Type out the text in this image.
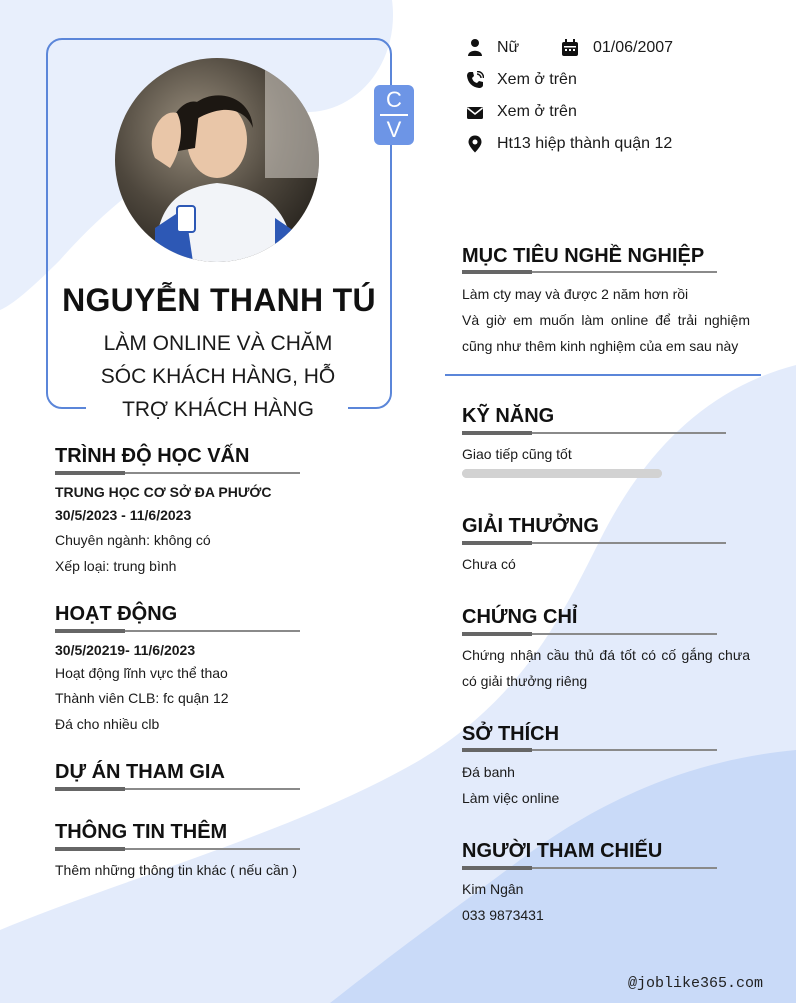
NGUYỄN THANH TÚ
LÀM ONLINE VÀ CHĂM SÓC KHÁCH HÀNG, HỖ TRỢ KHÁCH HÀNG
C
V
Nữ	01/06/2007
Xem ở trên
Xem ở trên
Ht13 hiệp thành quận 12
TRÌNH ĐỘ HỌC VẤN
TRUNG HỌC CƠ SỞ ĐA PHƯỚC
30/5/2023 - 11/6/2023
Chuyên ngành: không có
Xếp loại: trung bình
HOẠT ĐỘNG
30/5/20219- 11/6/2023
Hoạt động lĩnh vực thể thao
Thành viên CLB: fc quận 12
Đá cho nhiều clb
DỰ ÁN THAM GIA
THÔNG TIN THÊM
Thêm những thông tin khác ( nếu cần )
MỤC TIÊU NGHỀ NGHIỆP
Làm cty may và được 2 năm hơn rồi
Và giờ em muốn làm online để trải nghiệm cũng như thêm kinh nghiệm của em sau này
KỸ NĂNG
Giao tiếp cũng tốt
GIẢI THƯỞNG
Chưa có
CHỨNG CHỈ
Chứng nhận cầu thủ đá tốt có cố gắng chưa có giải thưởng riêng
SỞ THÍCH
Đá banh
Làm việc online
NGƯỜI THAM CHIẾU
Kim Ngân
033 9873431
@joblike365.com
